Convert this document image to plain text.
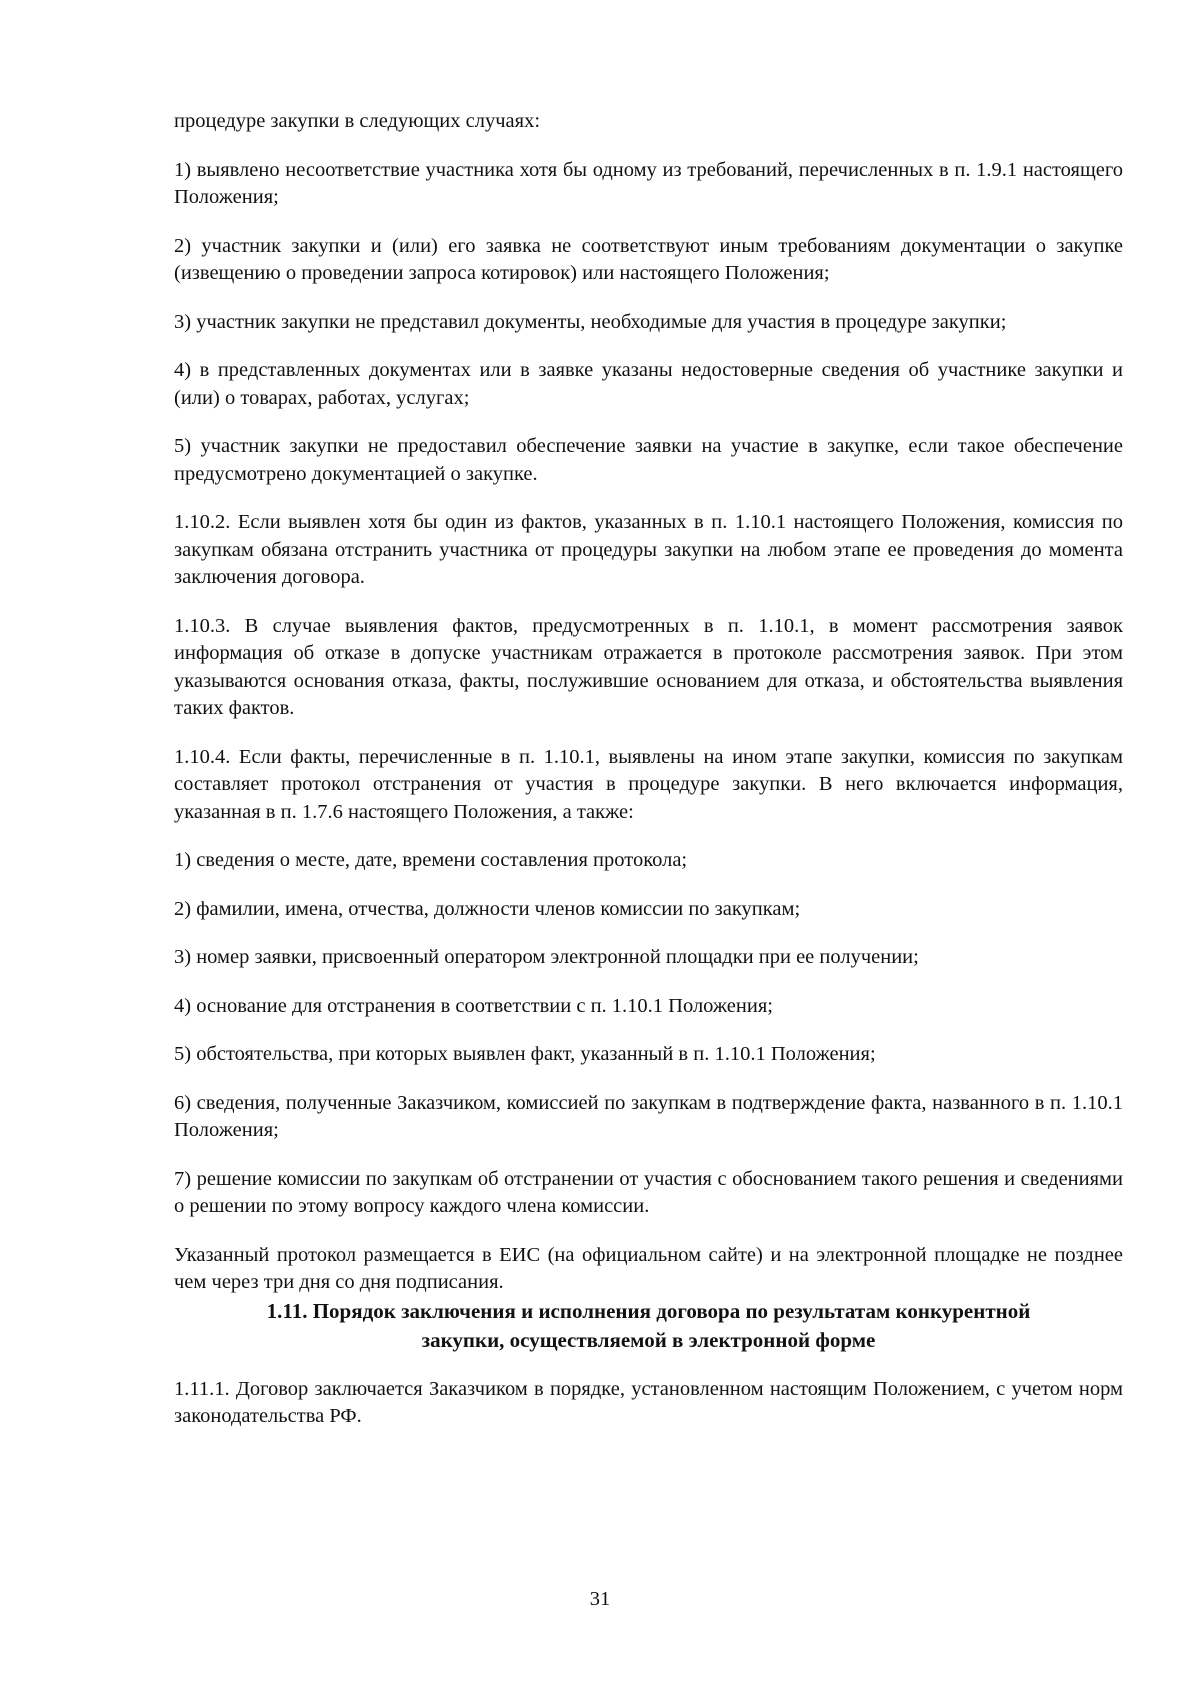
процедуре закупки в следующих случаях:

1) выявлено несоответствие участника хотя бы одному из требований, перечисленных в п. 1.9.1 настоящего Положения;

2) участник закупки и (или) его заявка не соответствуют иным требованиям документации о закупке (извещению о проведении запроса котировок) или настоящего Положения;

3) участник закупки не представил документы, необходимые для участия в процедуре закупки;

4) в представленных документах или в заявке указаны недостоверные сведения об участнике закупки и (или) о товарах, работах, услугах;

5) участник закупки не предоставил обеспечение заявки на участие в закупке, если такое обеспечение предусмотрено документацией о закупке.

1.10.2. Если выявлен хотя бы один из фактов, указанных в п. 1.10.1 настоящего Положения, комиссия по закупкам обязана отстранить участника от процедуры закупки на любом этапе ее проведения до момента заключения договора.

1.10.3. В случае выявления фактов, предусмотренных в п. 1.10.1, в момент рассмотрения заявок информация об отказе в допуске участникам отражается в протоколе рассмотрения заявок. При этом указываются основания отказа, факты, послужившие основанием для отказа, и обстоятельства выявления таких фактов.

1.10.4. Если факты, перечисленные в п. 1.10.1, выявлены на ином этапе закупки, комиссия по закупкам составляет протокол отстранения от участия в процедуре закупки. В него включается информация, указанная в п. 1.7.6 настоящего Положения, а также:

1) сведения о месте, дате, времени составления протокола;

2) фамилии, имена, отчества, должности членов комиссии по закупкам;

3) номер заявки, присвоенный оператором электронной площадки при ее получении;

4) основание для отстранения в соответствии с п. 1.10.1 Положения;

5) обстоятельства, при которых выявлен факт, указанный в п. 1.10.1 Положения;

6) сведения, полученные Заказчиком, комиссией по закупкам в подтверждение факта, названного в п. 1.10.1 Положения;

7) решение комиссии по закупкам об отстранении от участия с обоснованием такого решения и сведениями о решении по этому вопросу каждого члена комиссии.

Указанный протокол размещается в ЕИС (на официальном сайте) и на электронной площадке не позднее чем через три дня со дня подписания.

1.11. Порядок заключения и исполнения договора по результатам конкурентной
закупки, осуществляемой в электронной форме

1.11.1. Договор заключается Заказчиком в порядке, установленном настоящим Положением, с учетом норм законодательства РФ.

31
